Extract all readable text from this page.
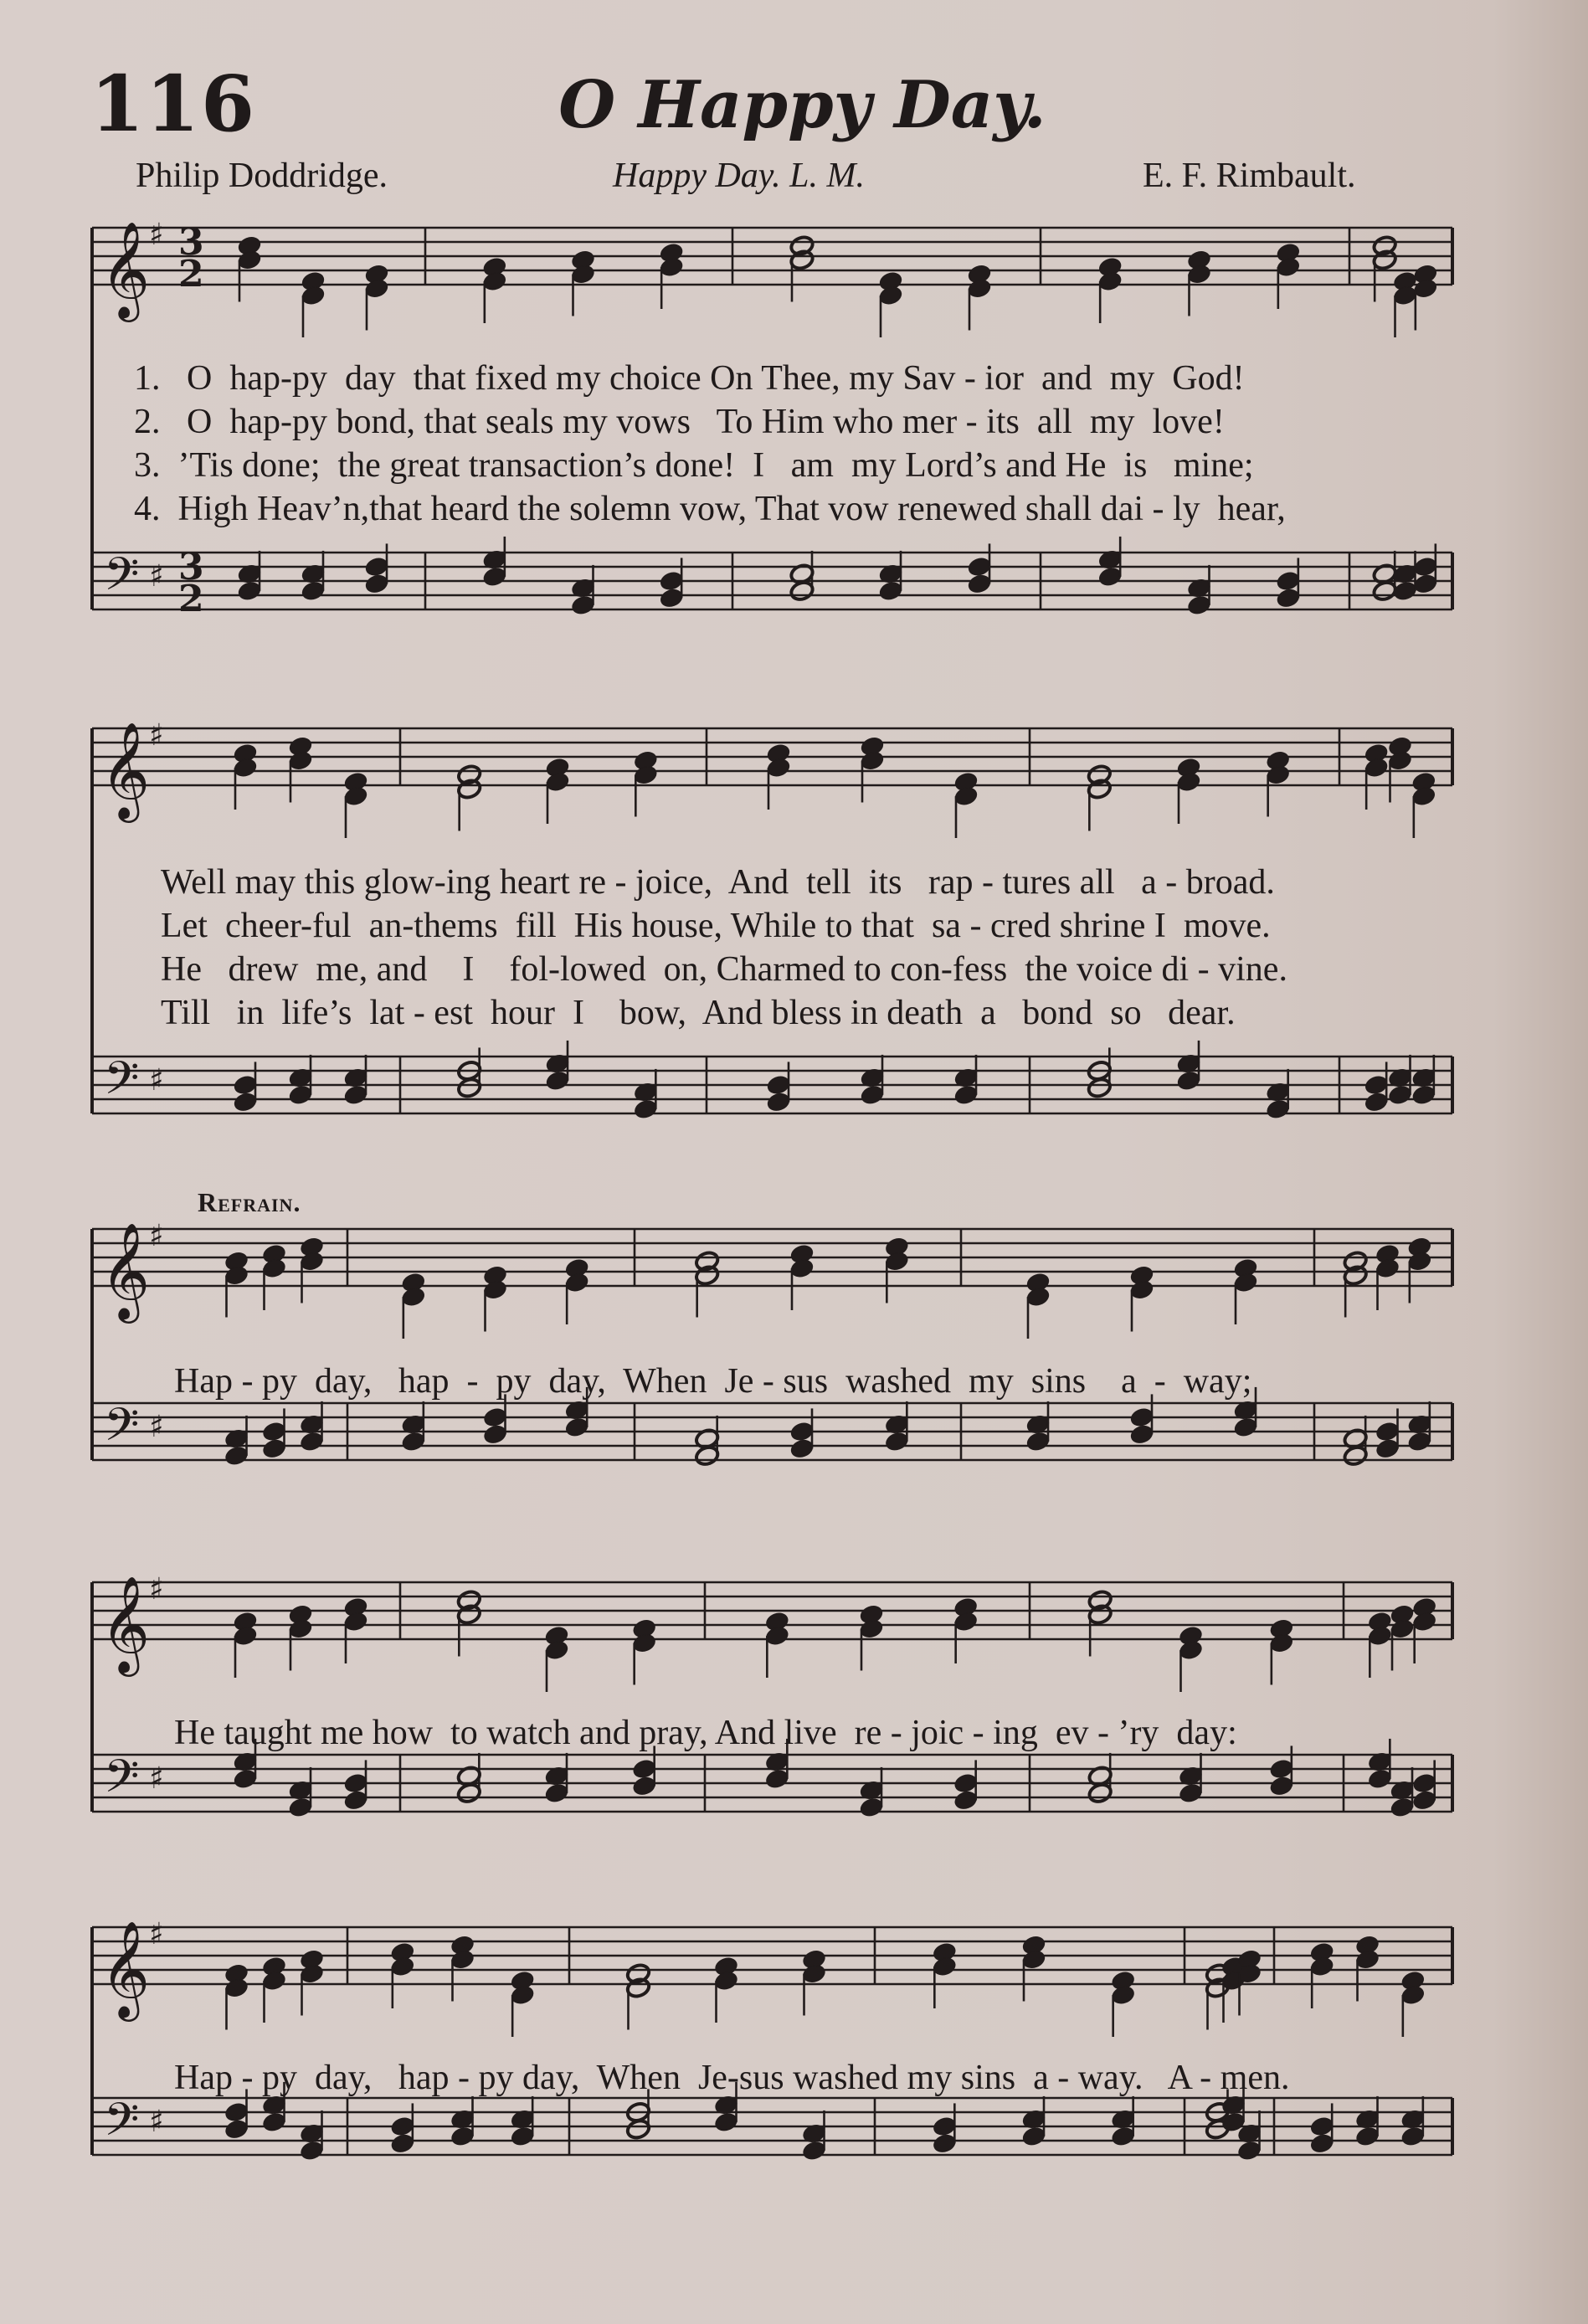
116	O Happy Day.
Philip Doddridge.	Happy Day. L. M.	E. F. Rimbault.
𝄞
𝄢
♯
♯
𝄞
𝄢
♯
♯
𝄞
𝄢
♯
♯
𝄞
𝄢
♯
♯
𝄞
𝄢
♯
♯
3
2
3
2
1.   O  hap-py  day  that fixed my choice On Thee, my Sav - ior  and  my  God!
2.   O  hap-py bond, that seals my vows   To Him who mer - its  all  my  love!
3.  ’Tis done;  the great transaction’s done!  I   am  my Lord’s and He  is   mine;
4.  High Heav’n,that heard the solemn vow, That vow renewed shall dai - ly  hear,
Well may this glow-ing heart re - joice,  And  tell  its   rap - tures all   a - broad.
Let  cheer-ful  an-thems  fill  His house, While to that  sa - cred shrine I  move.
He   drew  me, and    I    fol-lowed  on, Charmed to con-fess  the voice di - vine.
Till   in  life’s  lat - est  hour  I    bow,  And bless in death  a   bond  so   dear.
Refrain.
Hap - py  day,   hap  -  py  day,  When  Je - sus  washed  my  sins    a  -  way;
He taught me how  to watch and pray, And live  re - joic - ing  ev - ’ry  day:
Hap - py  day,   hap - py day,  When  Je-sus washed my sins  a - way.   A - men.
